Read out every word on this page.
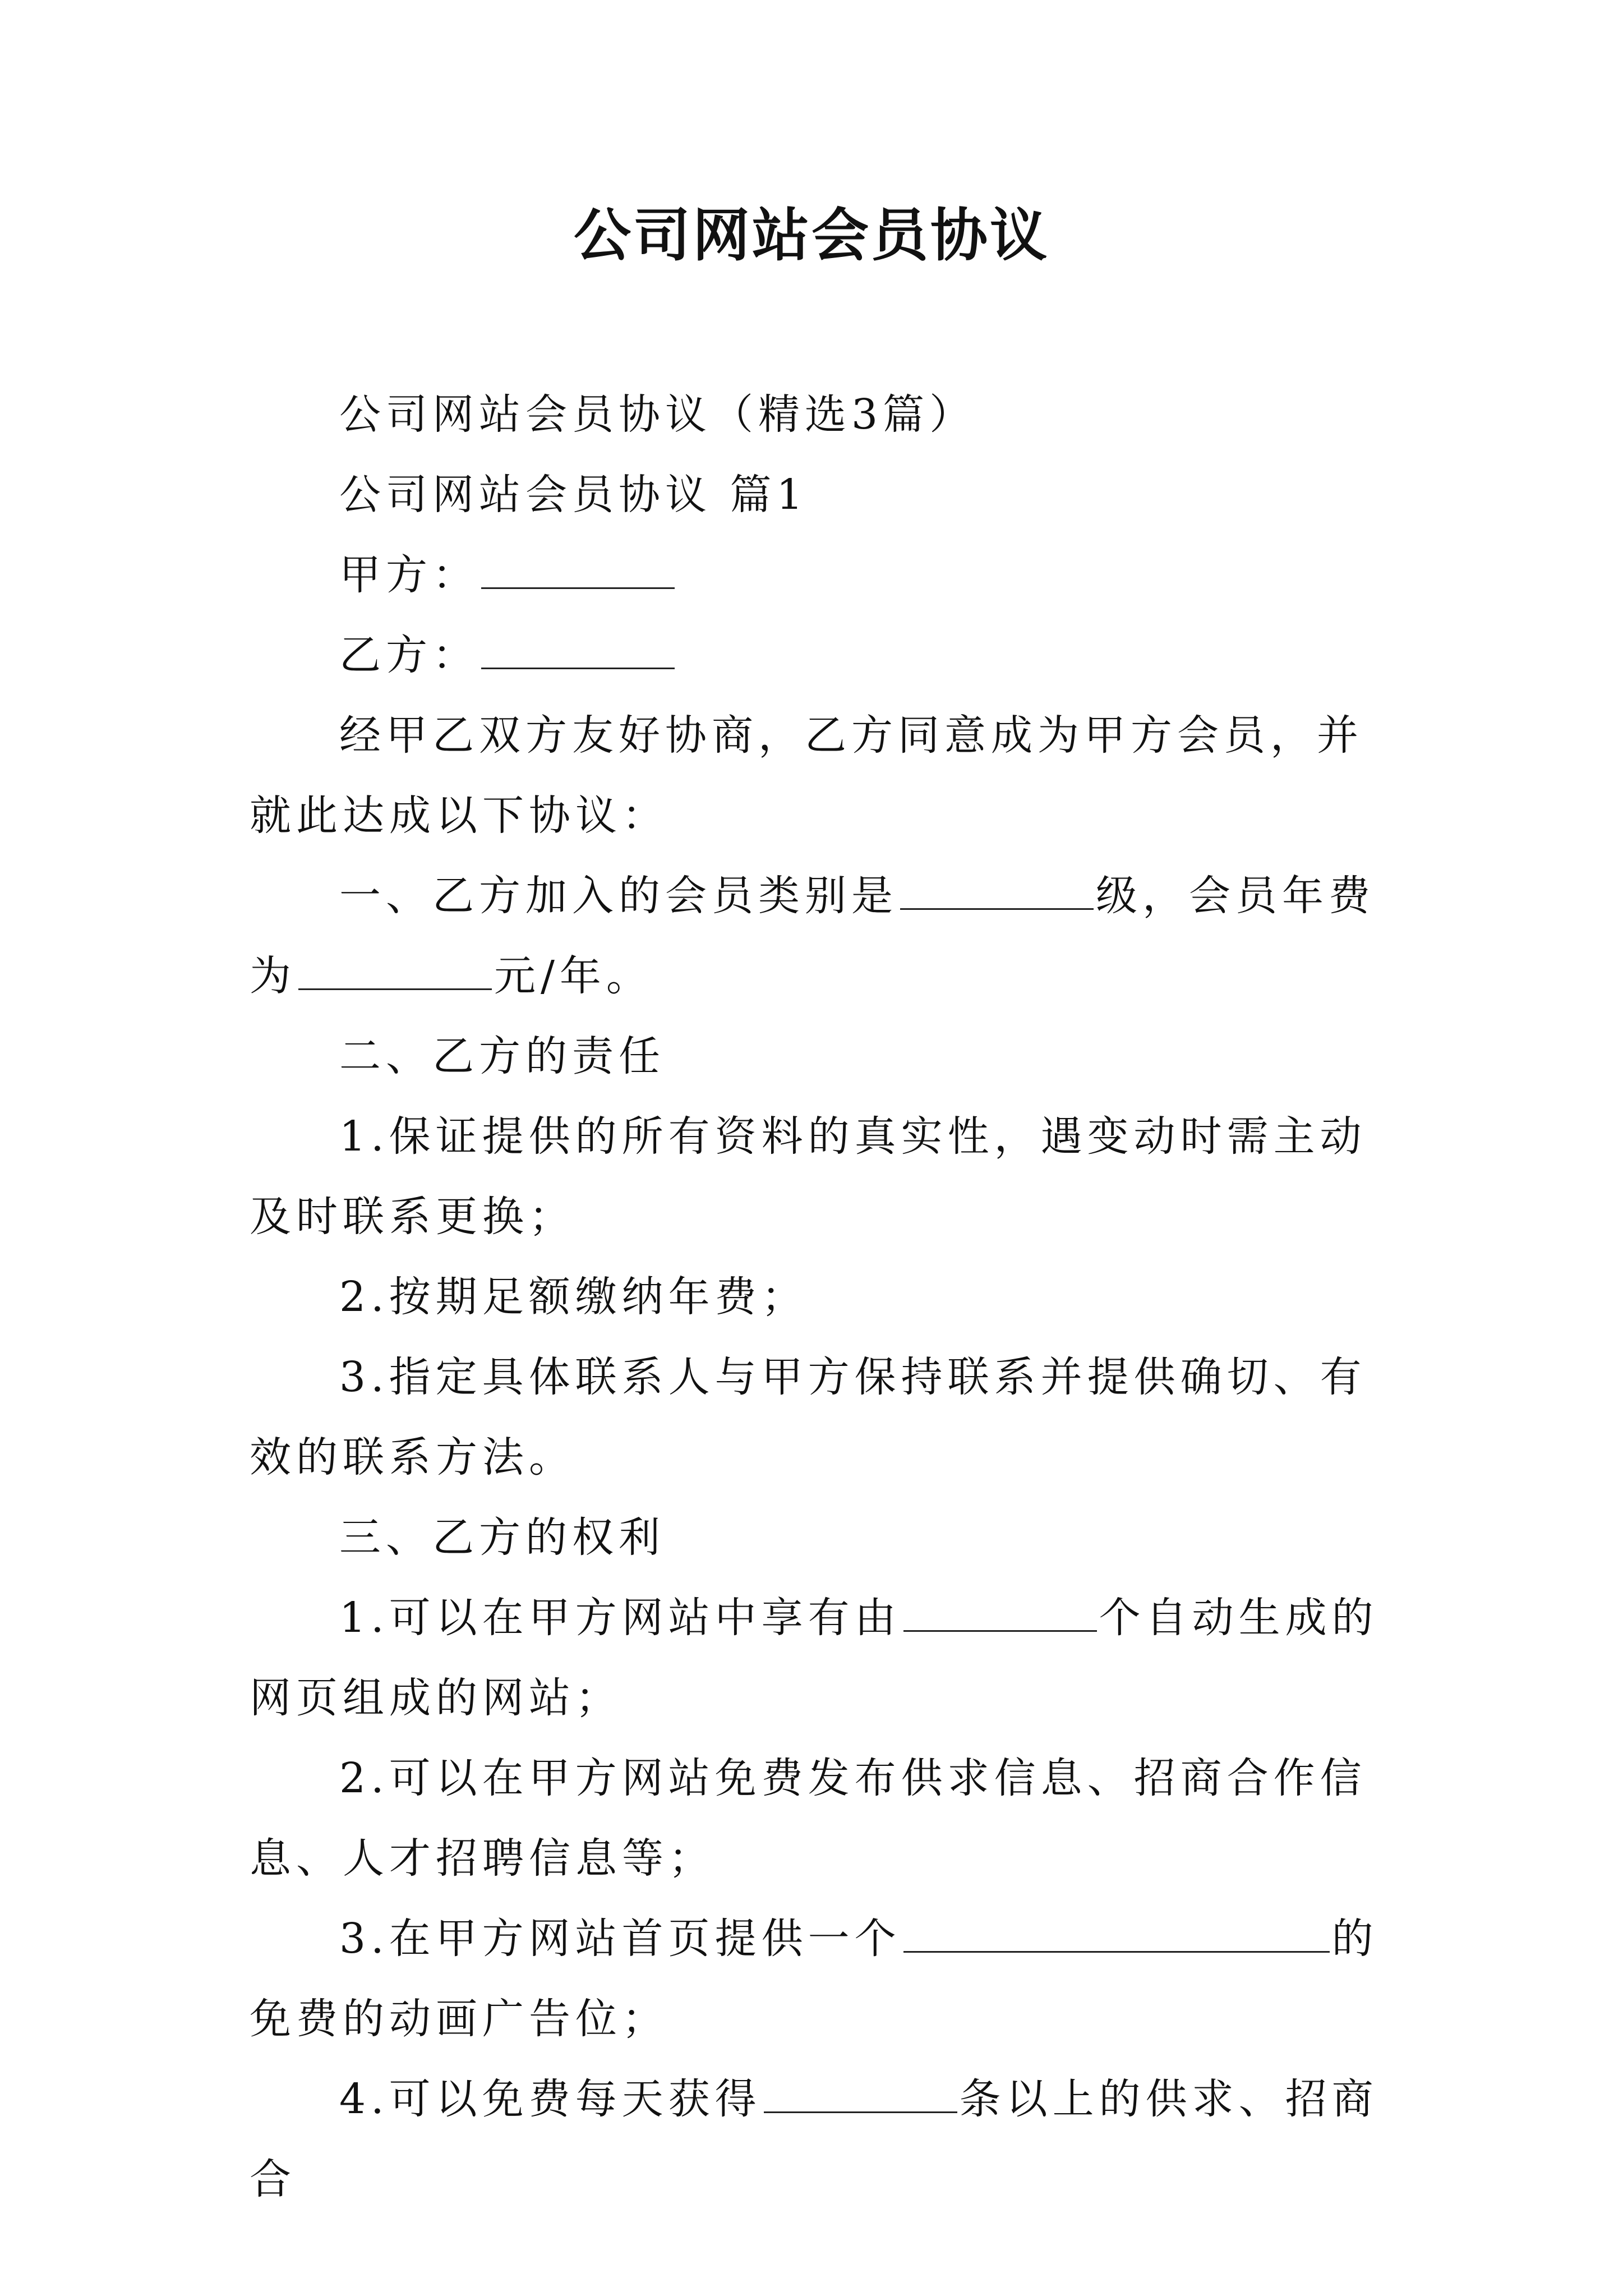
公司网站会员协议

公司网站会员协议（精选3篇）

公司网站会员协议 篇1

甲方：

乙方：

经甲乙双方友好协商，乙方同意成为甲方会员，并就此达成以下协议：

一、乙方加入的会员类别是	级，会员年费为	元/年。

二、乙方的责任

1.保证提供的所有资料的真实性，遇变动时需主动及时联系更换；

2.按期足额缴纳年费；

3.指定具体联系人与甲方保持联系并提供确切、有效的联系方法。

三、乙方的权利

1.可以在甲方网站中享有由	个自动生成的网页组成的网站；

2.可以在甲方网站免费发布供求信息、招商合作信息、人才招聘信息等；

3.在甲方网站首页提供一个	的免费的动画广告位；

4.可以免费每天获得	条以上的供求、招商合
